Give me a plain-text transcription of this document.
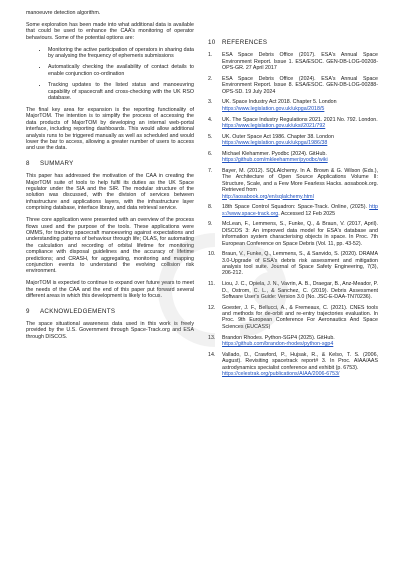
manoeuvre detection algorithm.

Some exploration has been made into what additional data is available that could be used to enhance the CAA's monitoring of operator behaviours. Some of the potential options are:

• Monitoring the active participation of operators in sharing data by analysing the frequency of ephemeris submissions
• Automatically checking the availability of contact details to enable conjunction co-ordination
• Tracking updates to the listed status and manoeuvring capability of spacecraft and cross-checking with the UK RSO database.

The final key area for expansion is the reporting functionality of MajorTOM. The intention is to simplify the process of accessing the data products of MajorTOM by developing an internal web-portal interface, including reporting dashboards. This would allow additional analysis runs to be triggered manually as well as scheduled and would lower the bar to access, allowing a greater number of users to access and use the data.

8 SUMMARY

This paper has addressed the motivation of the CAA in creating the MajorTOM suite of tools to help fulfil its duties as the UK Space regulator under the SIA and the SIR. The modular structure of the solution was discussed, with the division of services between infrastructure and applications layers, with the infrastructure layer comprising database, interface library, and data retrieval service.

Three core application were presented with an overview of the process flows used and the purpose of the tools. These applications were OMMS, for tracking spacecraft manoeuvring against expectations and understanding patterns of behaviour through life; OLAS, for automating the calculation and recording of orbital lifetime for monitoring compliance with disposal guidelines and the accuracy of lifetime predictions; and CRASH, for aggregating, monitoring and mapping conjunction events to understand the evolving collision risk environment.

MajorTOM is expected to continue to expand over future years to meet the needs of the CAA and the end of this paper put forward several different areas in which this development is likely to focus.

9 ACKNOWLEDGEMENTS

The space situational awareness data used in this work is freely provided by the U.S. Government through Space-Track.org and ESA through DISCOS.

10 REFERENCES
1. ESA Space Debris Office (2017). ESA's Annual Space Environment Report. Issue 1. ESA/ESOC. GEN-DB-LOG-00208-OPS-GR. 27 April 2017
2. ESA Space Debris Office (2024). ESA's Annual Space Environment Report. Issue 8. ESA/ESOC. GEN-DB-LOG-00288-OPS-SD. 19 July 2024
3. UK. Space Industry Act 2018. Chapter 5. London
https://www.legislation.gov.uk/ukpga/2018/5
4. UK. The Space Industry Regulations 2021. 2021 No. 792. London.
https://www.legislation.gov.uk/uksi/2021/792
5. UK. Outer Space Act 1986. Chapter 38. London
https://www.legislation.gov.uk/ukpga/1986/38
6. Michael Klehammer. Pyodbc (2024). GitHub.
https://github.com/mkleehammer/pyodbc/wiki
7. Bayer, M. (2012). SQLAlchemy. In A. Brown & G. Wilson (Eds.), The Architecture of Open Source Applications Volume II: Structure, Scale, and a Few More Fearless Hacks. aosabook.org. Retrieved from
http://aosabook.org/en/sqlalchemy.html
8. 18th Space Control Squadron: Space-Track. Online, (2025). https://www.space-track.org. Accessed 12 Feb 2025
9. McLean, F., Lemmens, S., Funke, Q., & Braun, V. (2017, April). DISCOS 3: An improved data model for ESA's database and information system characterising objects in space. In Proc. 7th European Conference on Space Debris (Vol. 11, pp. 43-52).
10. Braun, V., Funke, Q., Lemmens, S., & Sanvido, S. (2020). DRAMA 3.0-Upgrade of ESA's debris risk assessment and mitigation analysis tool suite. Journal of Space Safety Engineering, 7(3), 206-212.
11. Liou, J. C., Opiela, J. N., Vavrin, A. B., Draegar, B., Anz-Meador, P. D., Ostrom, C. L., & Sanchez, C. (2019). Debris Assessment Software User's Guide: Version 3.0 (No. JSC-E-DAA-TN70236).
12. Goester, J. F., Bellucci, A., & Fremeaux, C. (2021). CNES tools and methods for de-orbit and re-entry trajectories evaluation. In Proc. 9th European Conference For Aeronautics And Space Sciences (EUCASS)
13. Brandon Rhodes. Python-SGP4 (2025). GitHub.
https://github.com/brandon-rhodes/python-sgp4
14. Vallado, D., Crawford, P., Hujsak, R., & Kelso, T. S. (2006, August). Revisiting spacetrack report# 3. In Proc. AIAA/AAS astrodynamics specialist conference and exhibit (p. 6753).
https://celestrak.org/publications/AIAA/2006-6753/
